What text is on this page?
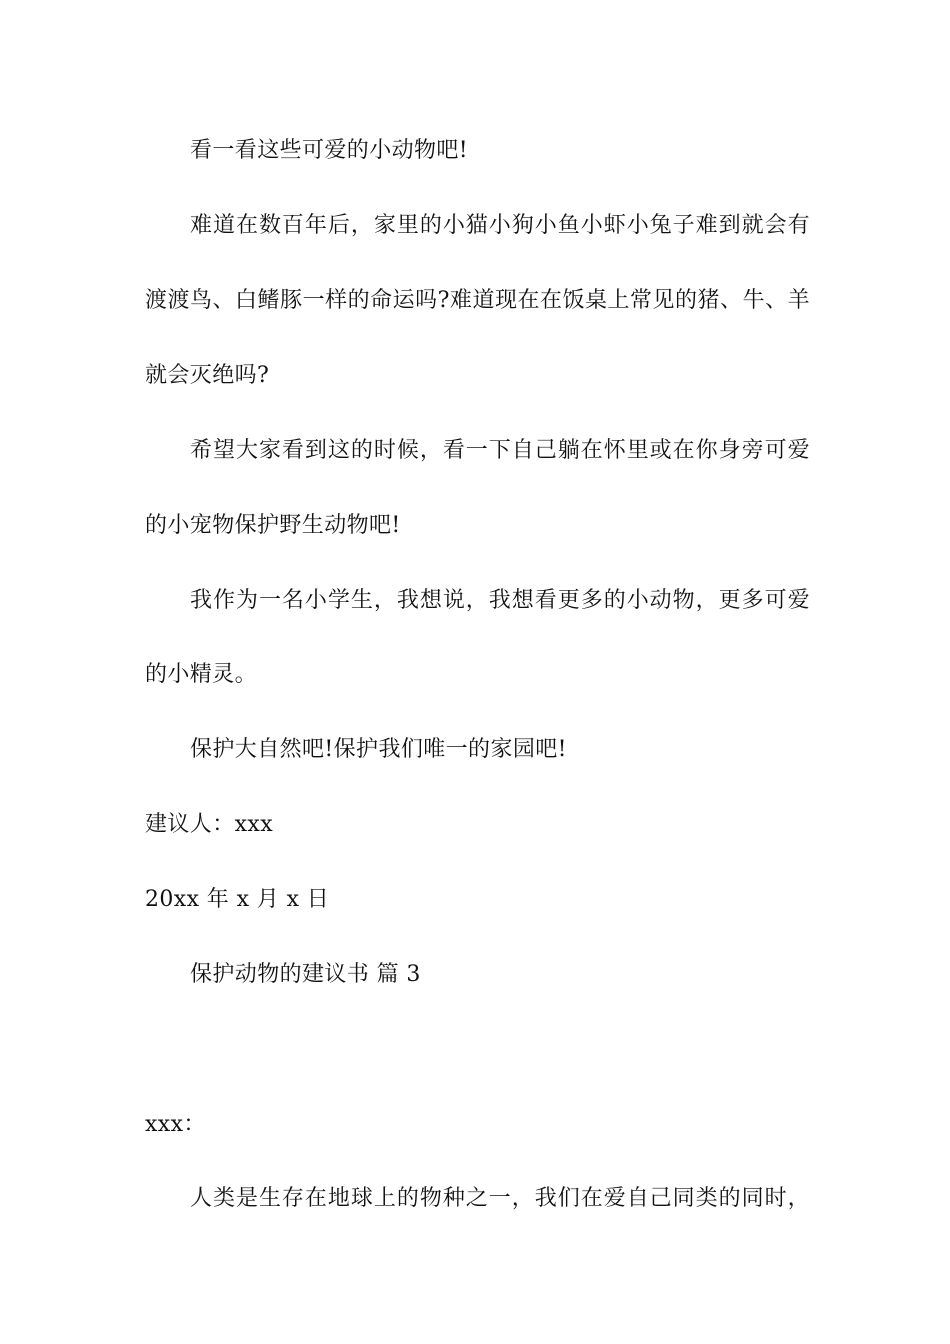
看一看这些可爱的小动物吧!
难道在数百年后，家里的小猫小狗小鱼小虾小兔子难到就会有
渡渡鸟、白鳍豚一样的命运吗?难道现在在饭桌上常见的猪、牛、羊
就会灭绝吗?
希望大家看到这的时候，看一下自己躺在怀里或在你身旁可爱
的小宠物保护野生动物吧!
我作为一名小学生，我想说，我想看更多的小动物，更多可爱
的小精灵。
保护大自然吧!保护我们唯一的家园吧!
建议人：xxx
20xx 年 x 月 x 日
保护动物的建议书 篇 3
xxx：
人类是生存在地球上的物种之一，我们在爱自己同类的同时，
